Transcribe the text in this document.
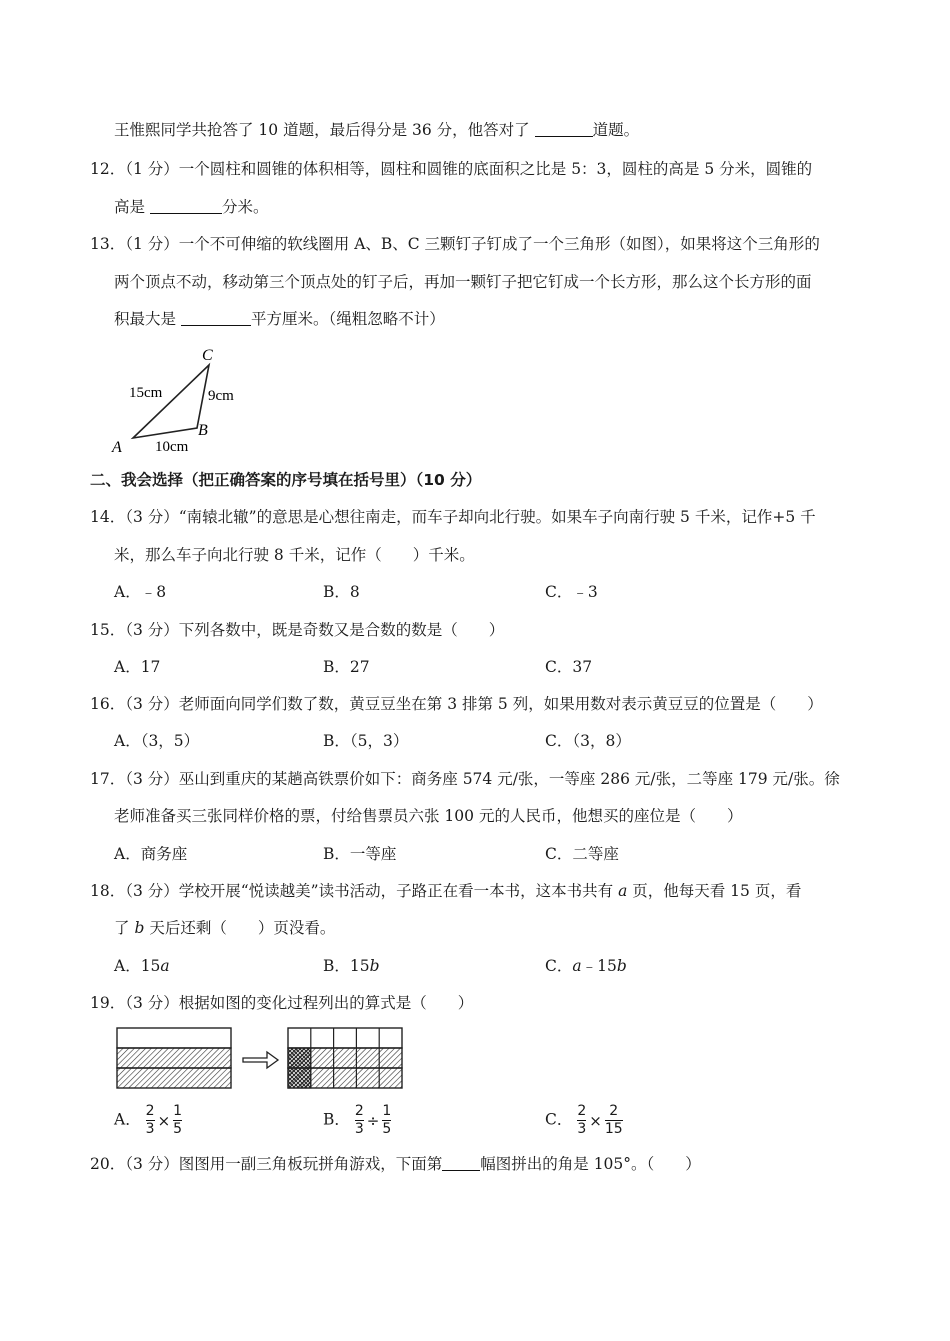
王惟熙同学共抢答了 10 道题，最后得分是 36 分，他答对了	道题。
12．（1 分）一个圆柱和圆锥的体积相等，圆柱和圆锥的底面积之比是 5：3，圆柱的高是 5 分米，圆锥的
高是	分米。
13．（1 分）一个不可伸缩的软线圈用 A、B、C 三颗钉子钉成了一个三角形（如图），如果将这个三角形的
两个顶点不动，移动第三个顶点处的钉子后，再加一颗钉子把它钉成一个长方形，那么这个长方形的面
积最大是	平方厘米。（绳粗忽略不计）
C
A
B
15cm	9cm
10cm
二、我会选择（把正确答案的序号填在括号里）（10 分）
14．（3 分）“南辕北辙”的意思是心想往南走，而车子却向北行驶。如果车子向南行驶 5 千米，记作+5 千
米，那么车子向北行驶 8 千米，记作（　　）千米。
A．﹣8	B．8	C．﹣3
15．（3 分）下列各数中，既是奇数又是合数的数是（　　）
A．17	B．27	C．37
16．（3 分）老师面向同学们数了数，黄豆豆坐在第 3 排第 5 列，如果用数对表示黄豆豆的位置是（　　）
A．（3，5）	B．（5，3）	C．（3，8）
17．（3 分）巫山到重庆的某趟高铁票价如下：商务座 574 元/张，一等座 286 元/张，二等座 179 元/张。徐
老师准备买三张同样价格的票，付给售票员六张 100 元的人民币，他想买的座位是（　　）
A．商务座	B．一等座	C．二等座
18．（3 分）学校开展“悦读越美”读书活动，子路正在看一本书，这本书共有 a 页，他每天看 15 页，看
了 b 天后还剩（　　）页没看。
A．15a	B．15b	C．a﹣15b
19．（3 分）根据如图的变化过程列出的算式是（　　）
A． $\frac{2}{3} \times \frac{1}{5}$	B． $\frac{2}{3} \div \frac{1}{5}$	C． $\frac{2}{3} \times \frac{2}{15}$
20．（3 分）图图用一副三角板玩拼角游戏，下面第 幅图拼出的角是 105°。（　　）
